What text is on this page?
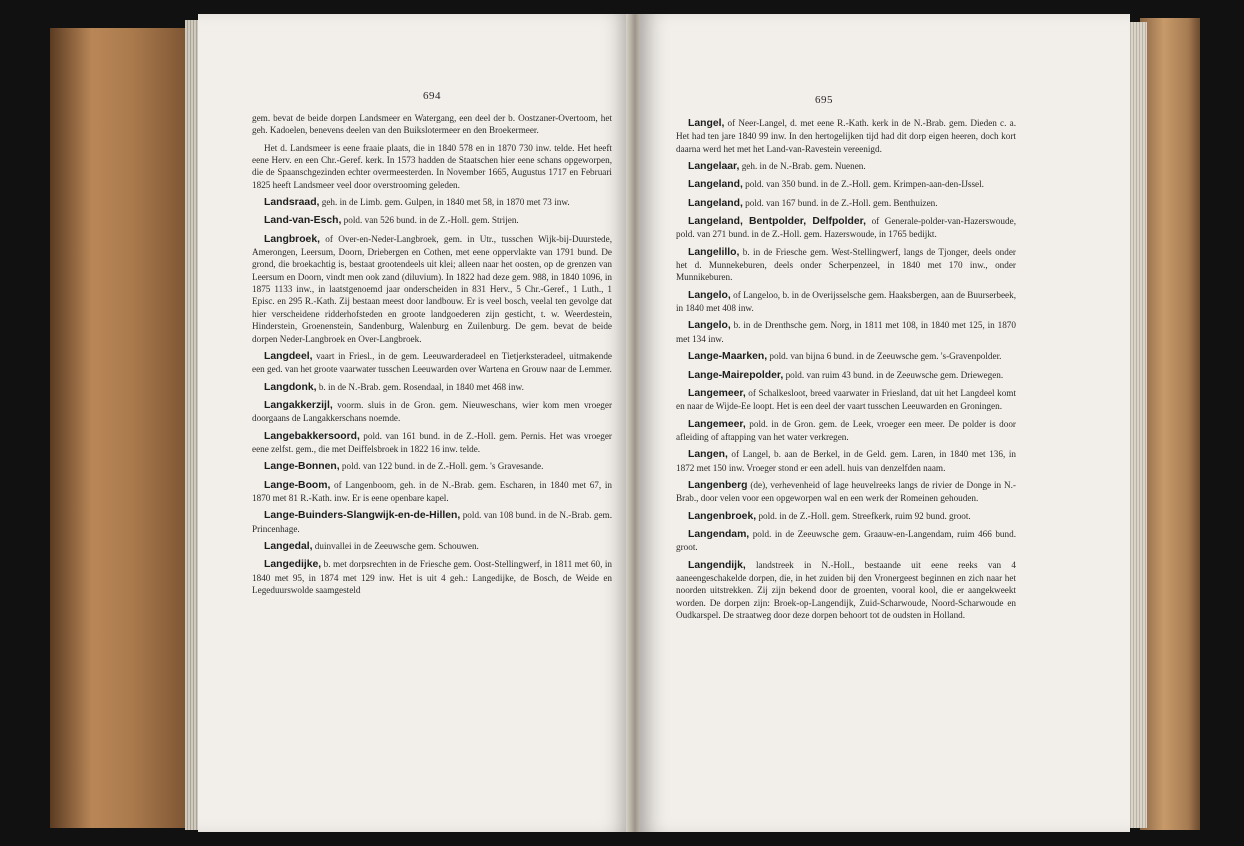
694

gem. bevat de beide dorpen Landsmeer en Watergang, een deel der b. Oostzaner-Overtoom, het geh. Kadoelen, benevens deelen van den Buikslotermeer en den Broekermeer.

Het d. Landsmeer is eene fraaie plaats, die in 1840 578 en in 1870 730 inw. telde. Het heeft eene Herv. en een Chr.-Geref. kerk. In 1573 hadden de Staatschen hier eene schans opgeworpen, die de Spaanschgezinden echter overmeesterden. In November 1665, Augustus 1717 en Februari 1825 heeft Landsmeer veel door overstrooming geleden.

Landsraad, geh. in de Limb. gem. Gulpen, in 1840 met 58, in 1870 met 73 inw.

Land-van-Esch, pold. van 526 bund. in de Z.-Holl. gem. Strijen.

Langbroek, of Over-en-Neder-Langbroek, gem. in Utr., tusschen Wijk-bij-Duurstede, Amerongen, Leersum, Doorn, Driebergen en Cothen, met eene oppervlakte van 1791 bund. De grond, die broekachtig is, bestaat grootendeels uit klei; alleen naar het oosten, op de grenzen van Leersum en Doorn, vindt men ook zand (diluvium). In 1822 had deze gem. 988, in 1840 1096, in 1875 1133 inw., in laatstgenoemd jaar onderscheiden in 831 Herv., 5 Chr.-Geref., 1 Luth., 1 Episc. en 295 R.-Kath. Zij bestaan meest door landbouw. Er is veel bosch, veelal ten gevolge dat hier verscheidene ridderhofsteden en groote landgoederen zijn gesticht, t. w. Weerdestein, Hinderstein, Groenenstein, Sandenburg, Walenburg en Zuilenburg. De gem. bevat de beide dorpen Neder-Langbroek en Over-Langbroek.

Langdeel, vaart in Friesl., in de gem. Leeuwarderadeel en Tietjerksteradeel, uitmakende een ged. van het groote vaarwater tusschen Leeuwarden over Wartena en Grouw naar de Lemmer.

Langdonk, b. in de N.-Brab. gem. Rosendaal, in 1840 met 468 inw.

Langakkerzijl, voorm. sluis in de Gron. gem. Nieuweschans, wier kom men vroeger doorgaans de Langakkerschans noemde.

Langebakkersoord, pold. van 161 bund. in de Z.-Holl. gem. Pernis. Het was vroeger eene zelfst. gem., die met Deiffelsbroek in 1822 16 inw. telde.

Lange-Bonnen, pold. van 122 bund. in de Z.-Holl. gem. 's Gravesande.

Lange-Boom, of Langenboom, geh. in de N.-Brab. gem. Escharen, in 1840 met 67, in 1870 met 81 R.-Kath. inw. Er is eene openbare kapel.

Lange-Buinders-Slangwijk-en-de-Hillen, pold. van 108 bund. in de N.-Brab. gem. Princenhage.

Langedal, duinvallei in de Zeeuwsche gem. Schouwen.

Langedijke, b. met dorpsrechten in de Friesche gem. Oost-Stellingwerf, in 1811 met 60, in 1840 met 95, in 1874 met 129 inw. Het is uit 4 geh.: Langedijke, de Bosch, de Weide en Legeduurswolde saamgesteld

695

Langel, of Neer-Langel, d. met eene R.-Kath. kerk in de N.-Brab. gem. Dieden c. a. Het had ten jare 1840 99 inw. In den hertogelijken tijd had dit dorp eigen heeren, doch kort daarna werd het met het Land-van-Ravestein vereenigd.

Langelaar, geh. in de N.-Brab. gem. Nuenen.

Langeland, pold. van 350 bund. in de Z.-Holl. gem. Krimpen-aan-den-IJssel.

Langeland, pold. van 167 bund. in de Z.-Holl. gem. Benthuizen.

Langeland, Bentpolder, Delfpolder, of Generale-polder-van-Hazerswoude, pold. van 271 bund. in de Z.-Holl. gem. Hazerswoude, in 1765 bedijkt.

Langelillo, b. in de Friesche gem. West-Stellingwerf, langs de Tjonger, deels onder het d. Munnekeburen, deels onder Scherpenzeel, in 1840 met 170 inw., onder Munnikeburen.

Langelo, of Langeloo, b. in de Overijsselsche gem. Haaksbergen, aan de Buurserbeek, in 1840 met 408 inw.

Langelo, b. in de Drenthsche gem. Norg, in 1811 met 108, in 1840 met 125, in 1870 met 134 inw.

Lange-Maarken, pold. van bijna 6 bund. in de Zeeuwsche gem. 's-Gravenpolder.

Lange-Mairepolder, pold. van ruim 43 bund. in de Zeeuwsche gem. Driewegen.

Langemeer, of Schalkesloot, breed vaarwater in Friesland, dat uit het Langdeel komt en naar de Wijde-Ee loopt. Het is een deel der vaart tusschen Leeuwarden en Groningen.

Langemeer, pold. in de Gron. gem. de Leek, vroeger een meer. De polder is door afleiding of aftapping van het water verkregen.

Langen, of Langel, b. aan de Berkel, in de Geld. gem. Laren, in 1840 met 136, in 1872 met 150 inw. Vroeger stond er een adell. huis van denzelfden naam.

Langenberg (de), verhevenheid of lage heuvelreeks langs de rivier de Donge in N.-Brab., door velen voor een opgeworpen wal en een werk der Romeinen gehouden.

Langenbroek, pold. in de Z.-Holl. gem. Streefkerk, ruim 92 bund. groot.

Langendam, pold. in de Zeeuwsche gem. Graauw-en-Langendam, ruim 466 bund. groot.

Langendijk, landstreek in N.-Holl., bestaande uit eene reeks van 4 aaneengeschakelde dorpen, die, in het zuiden bij den Vronergeest beginnen en zich naar het noorden uitstrekken. Zij zijn bekend door de groenten, vooral kool, die er aangekweekt worden. De dorpen zijn: Broek-op-Langendijk, Zuid-Scharwoude, Noord-Scharwoude en Oudkarspel. De straatweg door deze dorpen behoort tot de oudsten in Holland.
